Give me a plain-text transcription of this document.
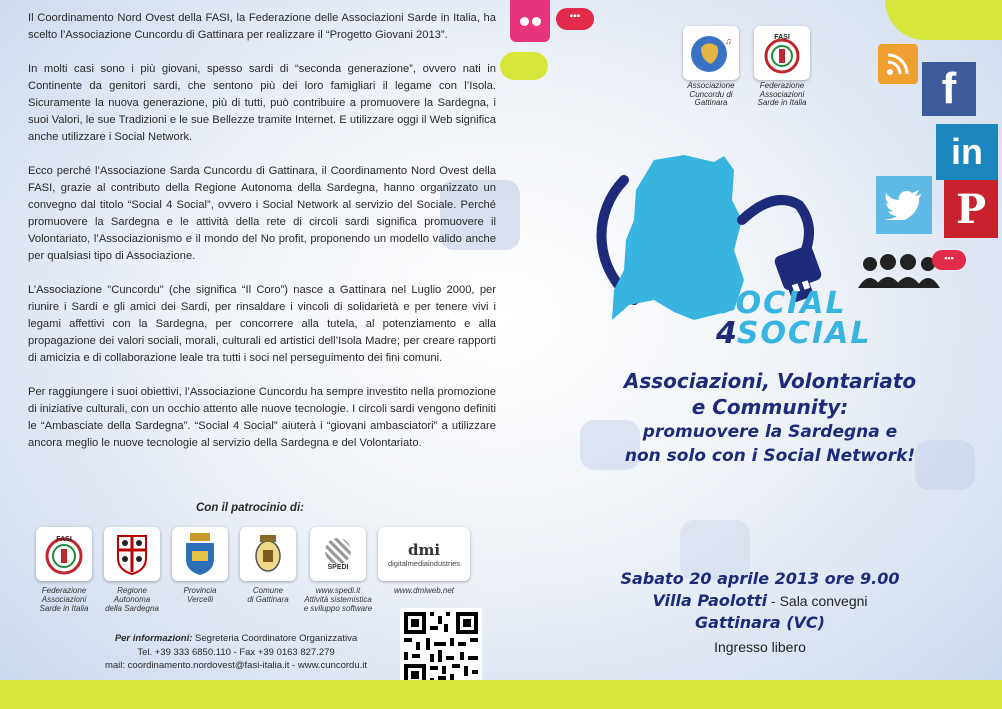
▪▪▪

Il Coordinamento Nord Ovest della FASI, la Federazione delle Associazioni Sarde in Italia, ha scelto l’Associazione Cuncordu di Gattinara per realizzare il “Progetto Giovani 2013”.

In molti casi sono i più giovani, spesso sardi di “seconda generazione”, ovvero nati in Continente da genitori sardi, che sentono più dei loro famigliari il legame con l’Isola. Sicuramente la nuova generazione, più di tutti, può contribuire a promuovere la Sardegna, i suoi Valori, le sue Tradizioni e le sue Bellezze tramite Internet. E utilizzare oggi il Web significa anche utilizzare i Social Network.

Ecco perché l’Associazione Sarda Cuncordu di Gattinara, il Coordinamento Nord Ovest della FASI, grazie al contributo della Regione Autonoma della Sardegna, hanno organizzato un convegno dal titolo “Social 4 Social”, ovvero i Social Network al servizio del Sociale. Perché promuovere la Sardegna e le attività della rete di circoli sardi significa promuovere il Volontariato, l’Associazionismo e il mondo del No profit, proponendo un modello valido anche per qualsiasi tipo di Associazione.

L’Associazione "Cuncordu" (che significa “Il Coro”) nasce a Gattinara nel Luglio 2000, per riunire i Sardi e gli amici dei Sardi, per rinsaldare i vincoli di solidarietà e per tenere vivi i legami affettivi con la Sardegna, per concorrere alla tutela, al potenziamento e alla propagazione dei valori sociali, morali, culturali ed artistici dell’Isola Madre; per creare rapporti di amicizia e di collaborazione leale tra tutti i soci nel perseguimento dei fini comuni.

Per raggiungere i suoi obiettivi, l’Associazione Cuncordu ha sempre investito nella promozione di iniziative culturali, con un occhio attento alle nuove tecnologie. I circoli sardi vengono definiti le “Ambasciate della Sardegna”. “Social 4 Social” aiuterà i “giovani ambasciatori” a utilizzare ancora meglio le nuove tecnologie al servizio della Sardegna e del Volontariato.

Con il patrocinio di:
FASI
SPEDI
dmi
digitalmediaindustries
Federazione
Associazioni
Sarde in Italia
Regione
Autonoma
della Sardegna
Provincia
Vercelli
Comune
di Gattinara
www.spedi.it
Attività sistemistica
e sviluppo software
www.dmiweb.net
Per informazioni: Segreteria Coordinatore Organizzativa
Tel. +39 333 6850.110 - Fax +39 0163 827.279
mail: coordinamento.nordovest@fasi-italia.it - www.cuncordu.it
♫	FASI
Associazione
Cuncordu di
Gattinara
Federazione
Associazioni
Sarde in Italia	f
in
P
▪▪▪
SOCIAL
4SOCIAL
Associazioni, Volontariato
e Community:
promuovere la Sardegna e
non solo con i Social Network!
Sabato 20 aprile 2013 ore 9.00
Villa Paolotti - Sala convegni
Gattinara (VC)
Ingresso libero
